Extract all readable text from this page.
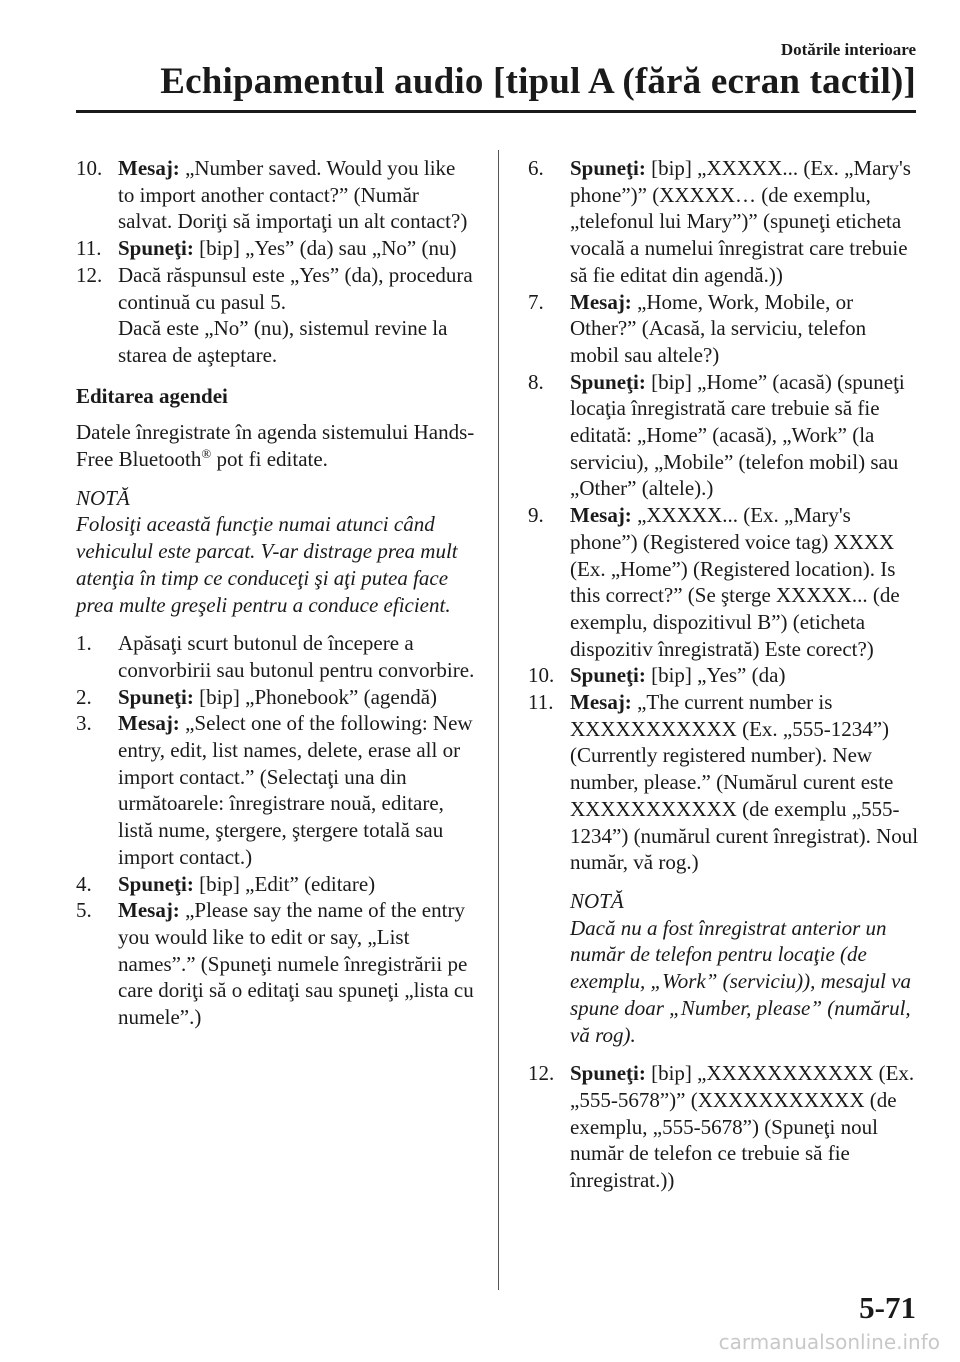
Dotările interioare
Echipamentul audio [tipul A (fără ecran tactil)]
10. Mesaj: „Number saved. Would you like to import another contact?” (Număr salvat. Doriţi să importaţi un alt contact?)
11. Spuneţi: [bip] „Yes” (da) sau „No” (nu)
12. Dacă răspunsul este „Yes” (da), procedura continuă cu pasul 5.
Dacă este „No” (nu), sistemul revine la starea de aşteptare.
Editarea agendei
Datele înregistrate în agenda sistemului Hands-Free Bluetooth® pot fi editate.
NOTĂ
Folosiţi această funcţie numai atunci când vehiculul este parcat. V-ar distrage prea mult atenţia în timp ce conduceţi şi aţi putea face prea multe greşeli pentru a conduce eficient.
1. Apăsaţi scurt butonul de începere a convorbirii sau butonul pentru convorbire.
2. Spuneţi: [bip] „Phonebook” (agendă)
3. Mesaj: „Select one of the following: New entry, edit, list names, delete, erase all or import contact.” (Selectaţi una din următoarele: înregistrare nouă, editare, listă nume, ştergere, ştergere totală sau import contact.)
4. Spuneţi: [bip] „Edit” (editare)
5. Mesaj: „Please say the name of the entry you would like to edit or say, „List names”.” (Spuneţi numele înregistrării pe care doriţi să o editaţi sau spuneţi „lista cu numele”.)
6. Spuneţi: [bip] „XXXXX... (Ex. „Mary's phone”)” (XXXXX… (de exemplu, „telefonul lui Mary”)” (spuneţi eticheta vocală a numelui înregistrat care trebuie să fie editat din agendă.))
7. Mesaj: „Home, Work, Mobile, or Other?” (Acasă, la serviciu, telefon mobil sau altele?)
8. Spuneţi: [bip] „Home” (acasă) (spuneţi locaţia înregistrată care trebuie să fie editată: „Home” (acasă), „Work” (la serviciu), „Mobile” (telefon mobil) sau „Other” (altele).)
9. Mesaj: „XXXXX... (Ex. „Mary's phone”) (Registered voice tag) XXXX (Ex. „Home”) (Registered location). Is this correct?” (Se şterge XXXXX... (de exemplu, dispozitivul B”) (eticheta dispozitiv înregistrată) Este corect?)
10. Spuneţi: [bip] „Yes” (da)
11. Mesaj: „The current number is XXXXXXXXXXX (Ex. „555-1234”) (Currently registered number). New number, please.” (Numărul curent este XXXXXXXXXXX (de exemplu „555-1234”) (numărul curent înregistrat). Noul număr, vă rog.)
NOTĂ
Dacă nu a fost înregistrat anterior un număr de telefon pentru locaţie (de exemplu, „Work” (serviciu)), mesajul va spune doar „Number, please” (numărul, vă rog).
12. Spuneţi: [bip] „XXXXXXXXXXX (Ex. „555-5678”)” (XXXXXXXXXXX (de exemplu, „555-5678”) (Spuneţi noul număr de telefon ce trebuie să fie înregistrat.))
5-71
carmanualsonline.info
